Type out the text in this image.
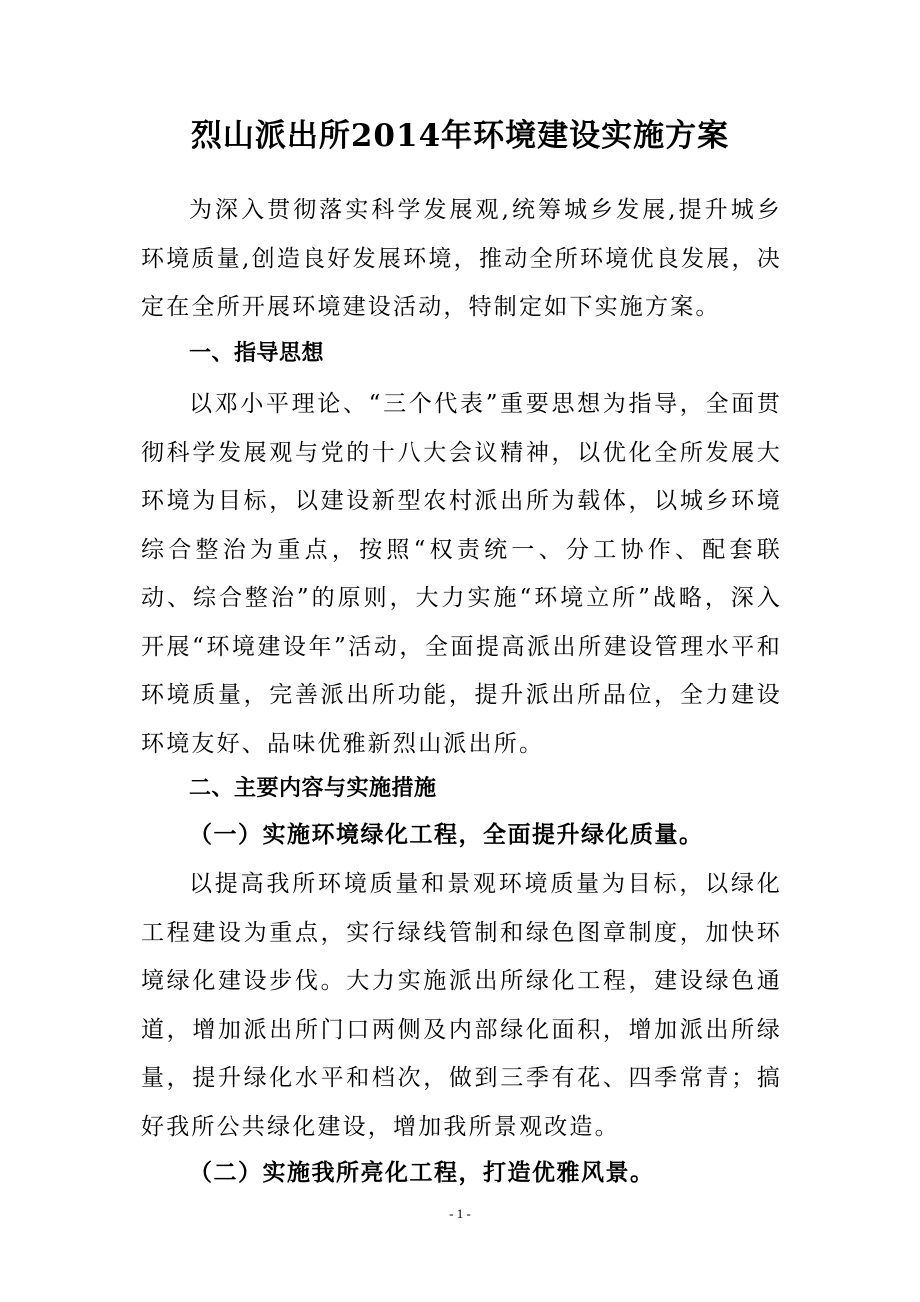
烈山派出所2014年环境建设实施方案

为深入贯彻落实科学发展观,统筹城乡发展,提升城乡环境质量,创造良好发展环境，推动全所环境优良发展，决定在全所开展环境建设活动，特制定如下实施方案。

一、指导思想

以邓小平理论、“三个代表”重要思想为指导，全面贯彻科学发展观与党的十八大会议精神，以优化全所发展大环境为目标，以建设新型农村派出所为载体，以城乡环境综合整治为重点，按照“权责统一、分工协作、配套联动、综合整治”的原则，大力实施“环境立所”战略，深入开展“环境建设年”活动，全面提高派出所建设管理水平和环境质量，完善派出所功能，提升派出所品位，全力建设环境友好、品味优雅新烈山派出所。

二、主要内容与实施措施
（一）实施环境绿化工程，全面提升绿化质量。

以提高我所环境质量和景观环境质量为目标，以绿化工程建设为重点，实行绿线管制和绿色图章制度，加快环境绿化建设步伐。大力实施派出所绿化工程，建设绿色通道，增加派出所门口两侧及内部绿化面积，增加派出所绿量，提升绿化水平和档次，做到三季有花、四季常青；搞好我所公共绿化建设，增加我所景观改造。

（二）实施我所亮化工程，打造优雅风景。
- 1 -
